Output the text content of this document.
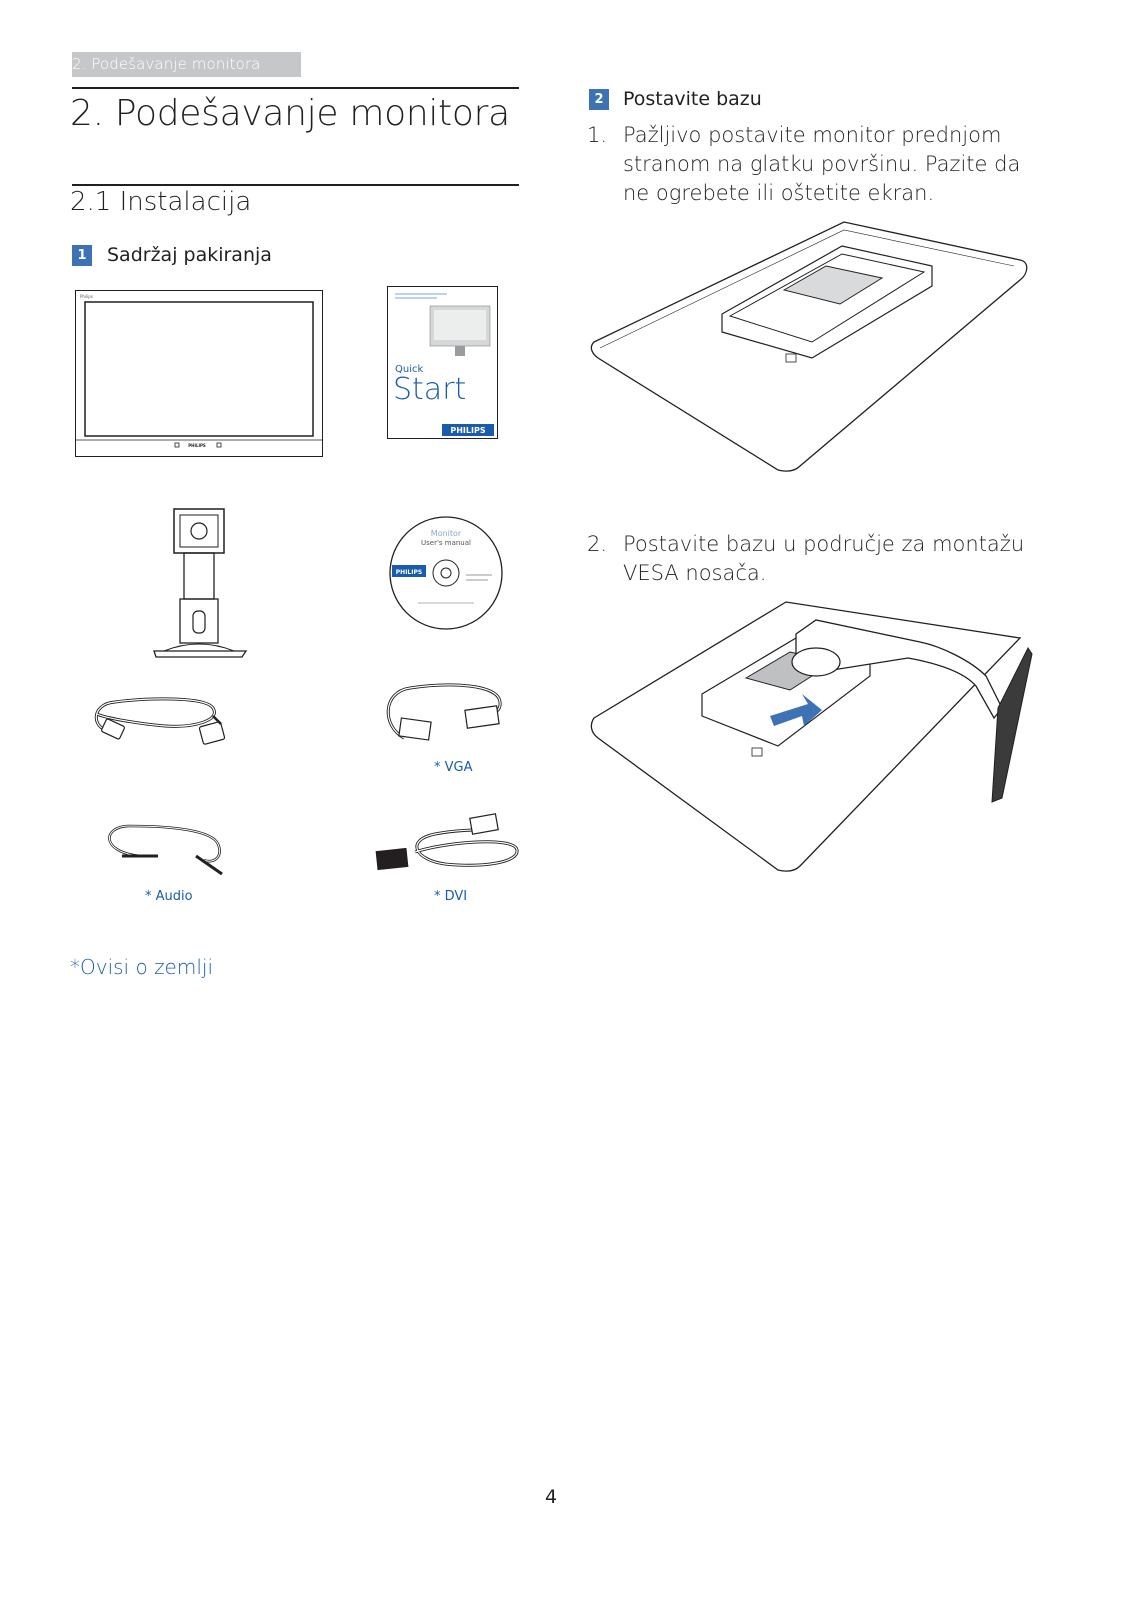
2. Podešavanje monitora
2. Podešavanje monitora
2.1 Instalacija
1 Sadržaj pakiranja
Philips
PHILIPS
Quick
Start
PHILIPS
Monitor
User's manual
PHILIPS
* VGA
* Audio	* DVI
*Ovisi o zemlji
2 Postavite bazu
1. Pažljivo postavite monitor prednjom stranom na glatku površinu. Pazite da ne ogrebete ili oštetite ekran.
2. Postavite bazu u područje za montažu VESA nosača.
4
